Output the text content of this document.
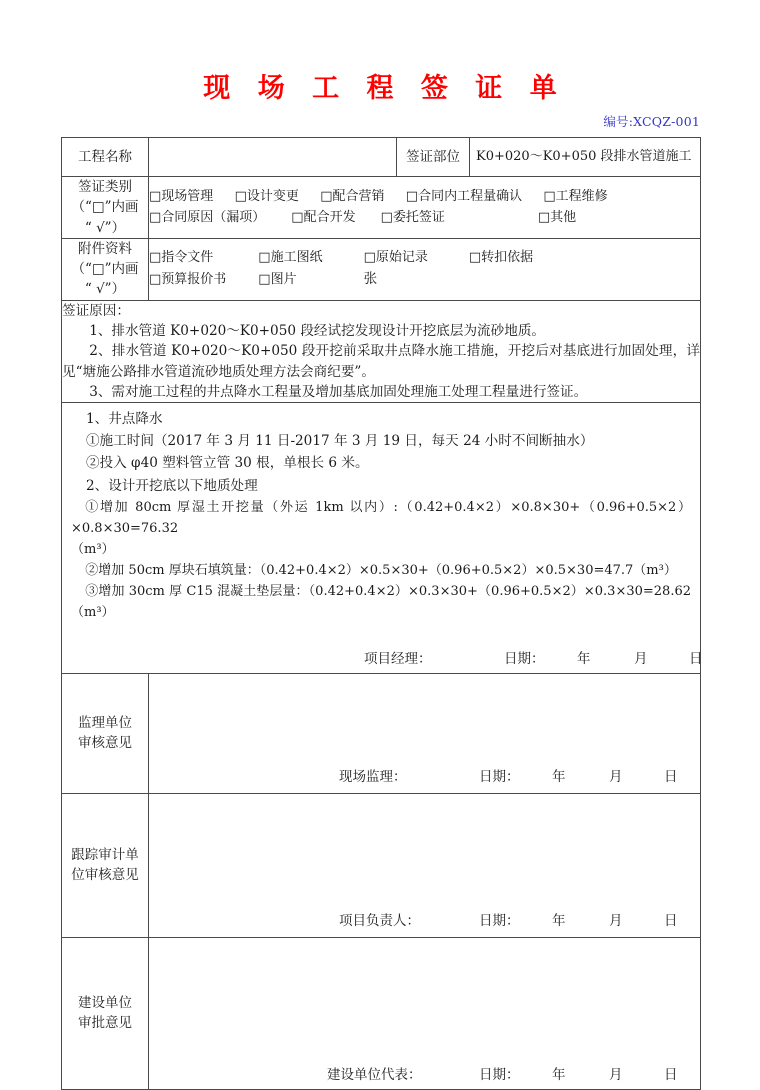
现 场 工 程 签 证 单
编号:XCQZ-001
工程名称		签证部位	K0+020～K0+050 段排水管道施工

签证类别
（“□”内画
“ √”）	□现场管理 □设计变更 □配合营销 □合同内工程量确认 □工程维修
□合同原因（漏项） □配合开发 □委托签证 □其他		

附件资料
（“□”内画
“ √”）	□指令文件 □施工图纸 □原始记录 □转扣依据
□预算报价书 □图片 张		

签证原因：

1、排水管道 K0+020～K0+050 段经试挖发现设计开挖底层为流砂地质。

2、排水管道 K0+020～K0+050 段开挖前采取井点降水施工措施，开挖后对基底进行加固处理，详见“塘施公路排水管道流砂地质处理方法会商纪要”。

3、需对施工过程的井点降水工程量及增加基底加固处理施工处理工程量进行签证。			

1、井点降水

①施工时间（2017 年 3 月 11 日-2017 年 3 月 19 日，每天 24 小时不间断抽水）

②投入 φ40 塑料管立管 30 根，单根长 6 米。

2、设计开挖底以下地质处理

①增加 80cm 厚湿土开挖量（外运 1km 以内）:（0.42+0.4×2）×0.8×30+（0.96+0.5×2）×0.8×30=76.32

（m³）

②增加 50cm 厚块石填筑量：（0.42+0.4×2）×0.5×30+（0.96+0.5×2）×0.5×30=47.7（m³）

③增加 30cm 厚 C15 混凝土垫层量：（0.42+0.4×2）×0.3×30+（0.96+0.5×2）×0.3×30=28.62（m³）

项目经理：	日期： 年	月	日

监理单位
审核意见	现场监理： 日期： 年 月 日		

跟踪审计单
位审核意见	项目负责人： 日期： 年 月 日		

建设单位
审批意见	建设单位代表： 日期： 年 月 日		
